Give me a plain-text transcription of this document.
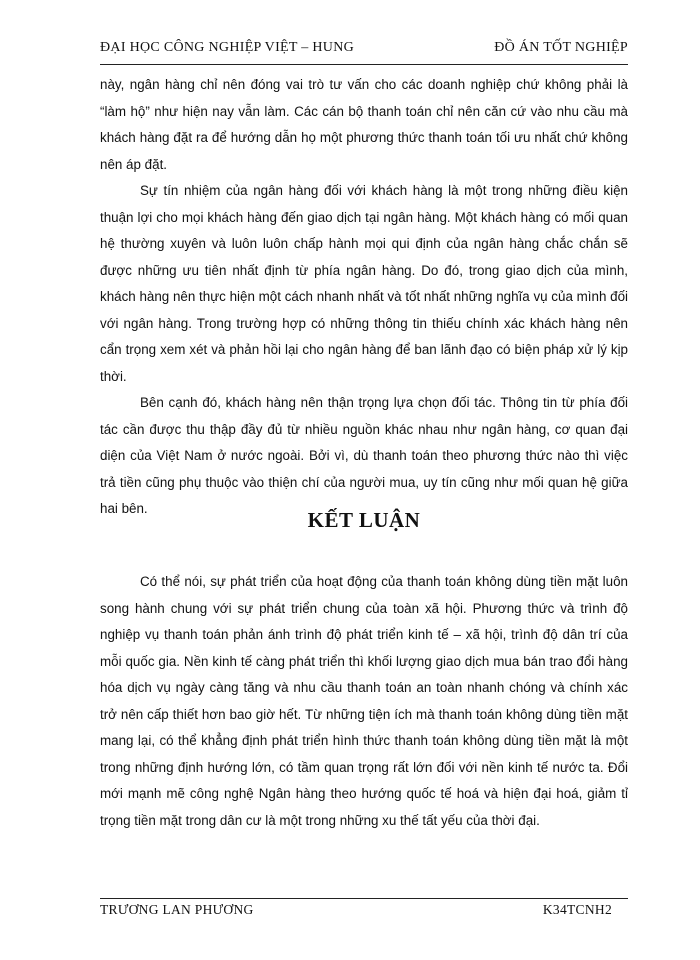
ĐẠI HỌC CÔNG NGHIỆP VIỆT – HUNG	ĐỒ ÁN TỐT NGHIỆP

này, ngân hàng chỉ nên đóng vai trò tư vấn cho các doanh nghiệp chứ không phải là “làm hộ” như hiện nay vẫn làm. Các cán bộ thanh toán chỉ nên căn cứ vào nhu cầu mà khách hàng đặt ra để hướng dẫn họ một phương thức thanh toán tối ưu nhất chứ không nên áp đặt.

Sự tín nhiệm của ngân hàng đối với khách hàng là một trong những điều kiện thuận lợi cho mọi khách hàng đến giao dịch tại ngân hàng. Một khách hàng có mối quan hệ thường xuyên và luôn luôn chấp hành mọi qui định của ngân hàng chắc chắn sẽ được những ưu tiên nhất định từ phía ngân hàng. Do đó, trong giao dịch của mình, khách hàng nên thực hiện một cách nhanh nhất và tốt nhất những nghĩa vụ của mình đối với ngân hàng. Trong trường hợp có những thông tin thiếu chính xác khách hàng nên cẩn trọng xem xét và phản hồi lại cho ngân hàng để ban lãnh đạo có biện pháp xử lý kịp thời.

Bên cạnh đó, khách hàng nên thận trọng lựa chọn đối tác. Thông tin từ phía đối tác cần được thu thập đầy đủ từ nhiều nguồn khác nhau như ngân hàng, cơ quan đại diện của Việt Nam ở nước ngoài. Bởi vì, dù thanh toán theo phương thức nào thì việc trả tiền cũng phụ thuộc vào thiện chí của người mua, uy tín cũng như mối quan hệ giữa hai bên.	KẾT LUẬN

Có thể nói, sự phát triển của hoạt động của thanh toán không dùng tiền mặt luôn song hành chung với sự phát triển chung của toàn xã hội. Phương thức và trình độ nghiệp vụ thanh toán phản ánh trình độ phát triển kinh tế – xã hội, trình độ dân trí của mỗi quốc gia. Nền kinh tế càng phát triển thì khối lượng giao dịch mua bán trao đổi hàng hóa dịch vụ ngày càng tăng và nhu cầu thanh toán an toàn nhanh chóng và chính xác trở nên cấp thiết hơn bao giờ hết. Từ những tiện ích mà thanh toán không dùng tiền mặt mang lại, có thể khẳng định phát triển hình thức thanh toán không dùng tiền mặt là một trong những định hướng lớn, có tầm quan trọng rất lớn đối với nền kinh tế nước ta. Đổi mới mạnh mẽ công nghệ Ngân hàng theo hướng quốc tế hoá và hiện đại hoá, giảm tỉ trọng tiền mặt trong dân cư là một trong những xu thế tất yếu của thời đại.

TRƯƠNG LAN PHƯƠNG	K34TCNH2
